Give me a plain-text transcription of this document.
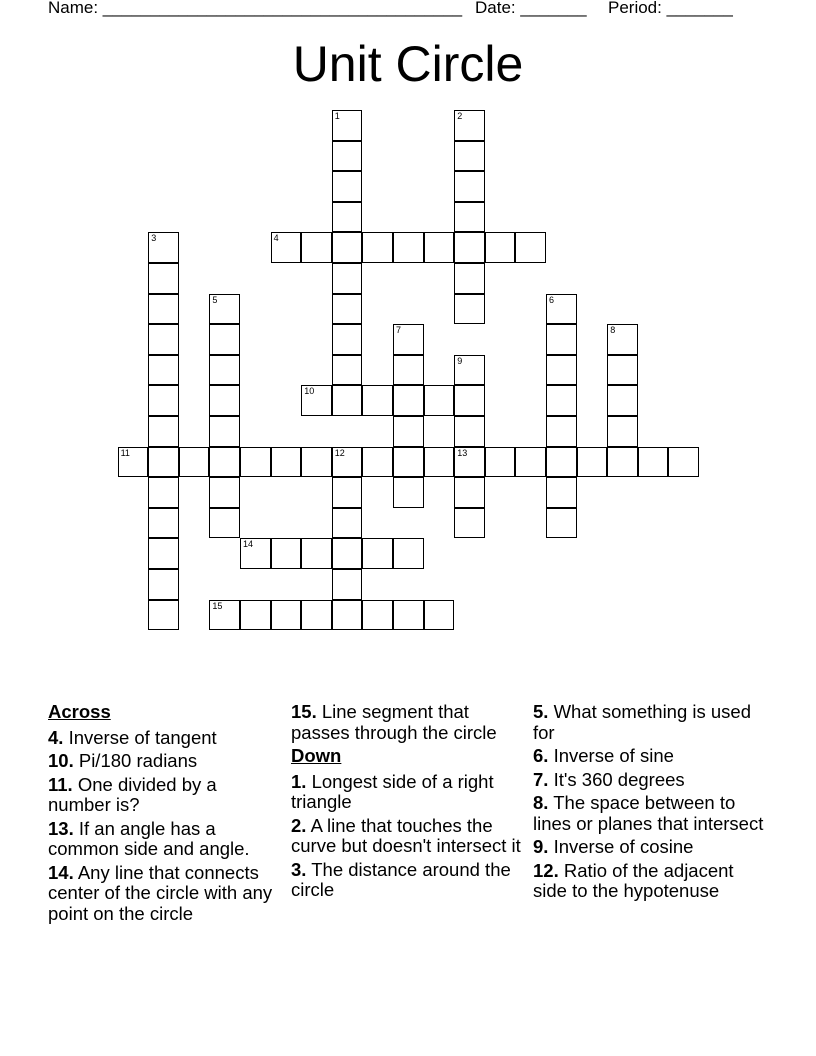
Name: ______________________________________ Date: _______ Period: _______
Unit Circle
4
10
11	12	13
14
15
1	2
3
5	6
7	8
9
Across
4. Inverse of tangent
10. Pi/180 radians
11. One divided by a number is?
13. If an angle has a common side and angle.
14. Any line that connects center of the circle with any point on the circle
15. Line segment that passes through the circle
Down
1. Longest side of a right triangle
2. A line that touches the curve but doesn't intersect it
3. The distance around the circle
5. What something is used for
6. Inverse of sine
7. It's 360 degrees
8. The space between to lines or planes that intersect
9. Inverse of cosine
12. Ratio of the adjacent side to the hypotenuse
